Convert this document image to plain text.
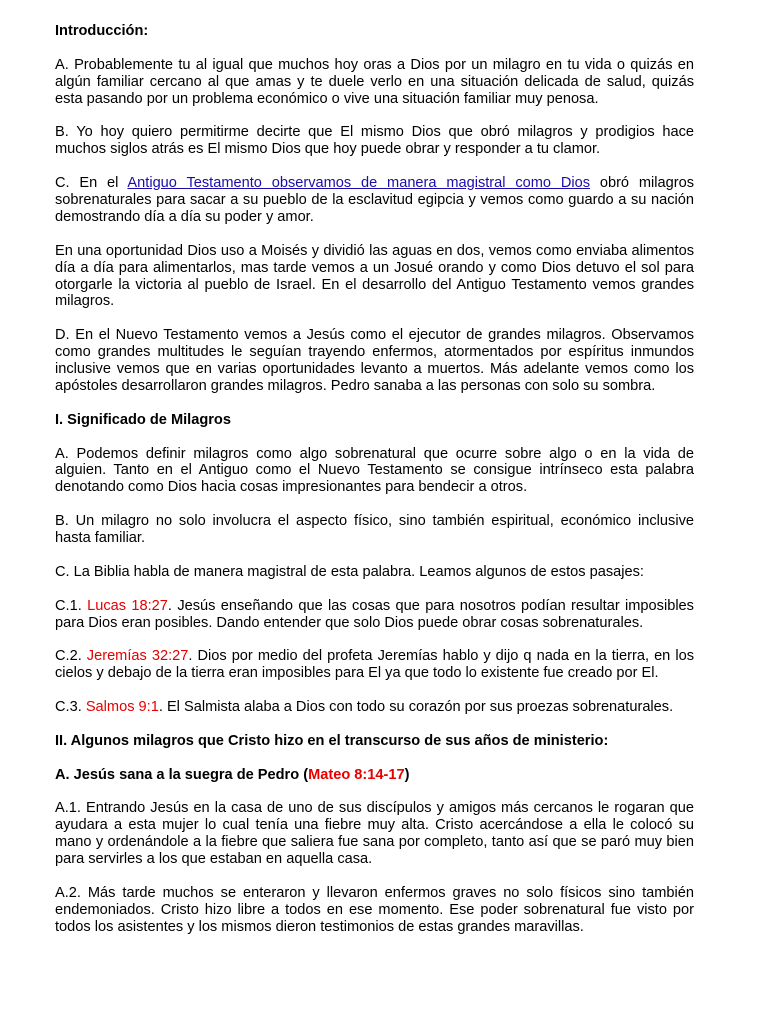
Introducción:

A. Probablemente tu al igual que muchos hoy oras a Dios por un milagro en tu vida o quizás en algún familiar cercano al que amas y te duele verlo en una situación delicada de salud, quizás esta pasando por un problema económico o vive una situación familiar muy penosa.

B. Yo hoy quiero permitirme decirte que El mismo Dios que obró milagros y prodigios hace muchos siglos atrás es El mismo Dios que hoy puede obrar y responder a tu clamor.

C. En el Antiguo Testamento observamos de manera magistral como Dios obró milagros sobrenaturales para sacar a su pueblo de la esclavitud egipcia y vemos como guardo a su nación demostrando día a día su poder y amor.

En una oportunidad Dios uso a Moisés y dividió las aguas en dos, vemos como enviaba alimentos día a día para alimentarlos, mas tarde vemos a un Josué orando y como Dios detuvo el sol para otorgarle la victoria al pueblo de Israel. En el desarrollo del Antiguo Testamento vemos grandes milagros.

D. En el Nuevo Testamento vemos a Jesús como el ejecutor de grandes milagros. Observamos como grandes multitudes le seguían trayendo enfermos, atormentados por espíritus inmundos inclusive vemos que en varias oportunidades levanto a muertos. Más adelante vemos como los apóstoles desarrollaron grandes milagros. Pedro sanaba a las personas con solo su sombra.

I. Significado de Milagros

A. Podemos definir milagros como algo sobrenatural que ocurre sobre algo o en la vida de alguien. Tanto en el Antiguo como el Nuevo Testamento se consigue intrínseco esta palabra denotando como Dios hacia cosas impresionantes para bendecir a otros.

B. Un milagro no solo involucra el aspecto físico, sino también espiritual, económico inclusive hasta familiar.

C. La Biblia habla de manera magistral de esta palabra. Leamos algunos de estos pasajes:

C.1. Lucas 18:27. Jesús enseñando que las cosas que para nosotros podían resultar imposibles para Dios eran posibles. Dando entender que solo Dios puede obrar cosas sobrenaturales.

C.2. Jeremías 32:27. Dios por medio del profeta Jeremías hablo y dijo q nada en la tierra, en los cielos y debajo de la tierra eran imposibles para El ya que todo lo existente fue creado por El.

C.3. Salmos 9:1. El Salmista alaba a Dios con todo su corazón por sus proezas sobrenaturales.

II. Algunos milagros que Cristo hizo en el transcurso de sus años de ministerio:

A. Jesús sana a la suegra de Pedro (Mateo 8:14-17)

A.1. Entrando Jesús en la casa de uno de sus discípulos y amigos más cercanos le rogaran que ayudara a esta mujer lo cual tenía una fiebre muy alta. Cristo acercándose a ella le colocó su mano y ordenándole a la fiebre que saliera fue sana por completo, tanto así que se paró muy bien para servirles a los que estaban en aquella casa.

A.2. Más tarde muchos se enteraron y llevaron enfermos graves no solo físicos sino también endemoniados. Cristo hizo libre a todos en ese momento. Ese poder sobrenatural fue visto por todos los asistentes y los mismos dieron testimonios de estas grandes maravillas.
